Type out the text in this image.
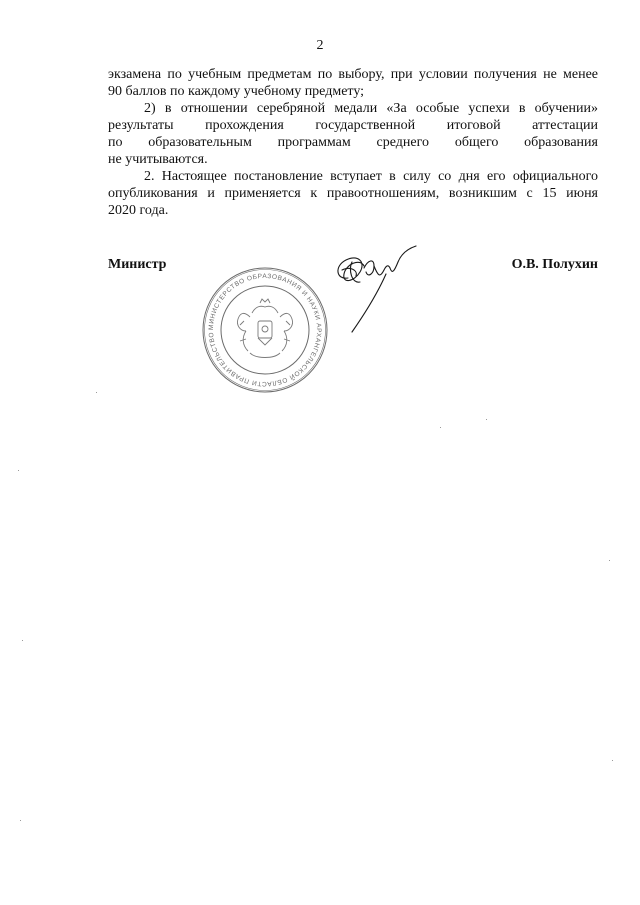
2

экзамена по учебным предметам по выбору, при условии получения не менее

90 баллов по каждому учебному предмету;

2) в отношении серебряной медали «За особые успехи в обучении»

результаты прохождения государственной итоговой аттестации

по образовательным программам среднего общего образования

не учитываются.

2. Настоящее постановление вступает в силу со дня его официального

опубликования и применяется к правоотношениям, возникшим с 15 июня

2020 года.

Министр	О.В. Полухин
МИНИСТЕРСТВО ОБРАЗОВАНИЯ И НАУКИ АРХАНГЕЛЬСКОЙ ОБЛАСТИ ПРАВИТЕЛЬСТВО
